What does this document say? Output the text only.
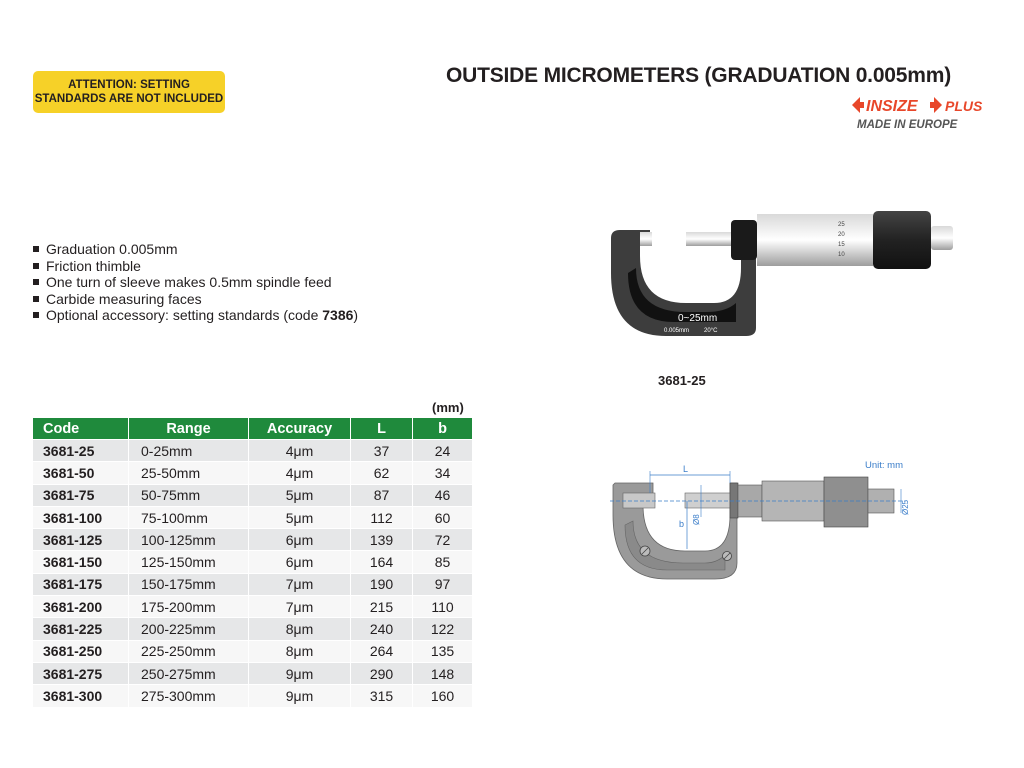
ATTENTION: SETTING
STANDARDS ARE NOT INCLUDED
OUTSIDE MICROMETERS (GRADUATION 0.005mm)
INSIZE PLUS
MADE IN EUROPE
Graduation 0.005mm
Friction thimble
One turn of sleeve makes 0.5mm spindle feed
Carbide measuring faces
Optional accessory: setting standards (code 7386)	0~25mm
0.005mm 20°C
25
20
15
10
3681-25
(mm)
Code	Range	Accuracy	L	b
3681-25	0-25mm	4μm	37	24
3681-50	25-50mm	4μm	62	34
3681-75	50-75mm	5μm	87	46
3681-100	75-100mm	5μm	112	60
3681-125	100-125mm	6μm	139	72
3681-150	125-150mm	6μm	164	85
3681-175	150-175mm	7μm	190	97
3681-200	175-200mm	7μm	215	110
3681-225	200-225mm	8μm	240	122
3681-250	225-250mm	8μm	264	135
3681-275	250-275mm	9μm	290	148
3681-300	275-300mm	9μm	315	160
Unit: mm
L
b Ø8
Ø25
